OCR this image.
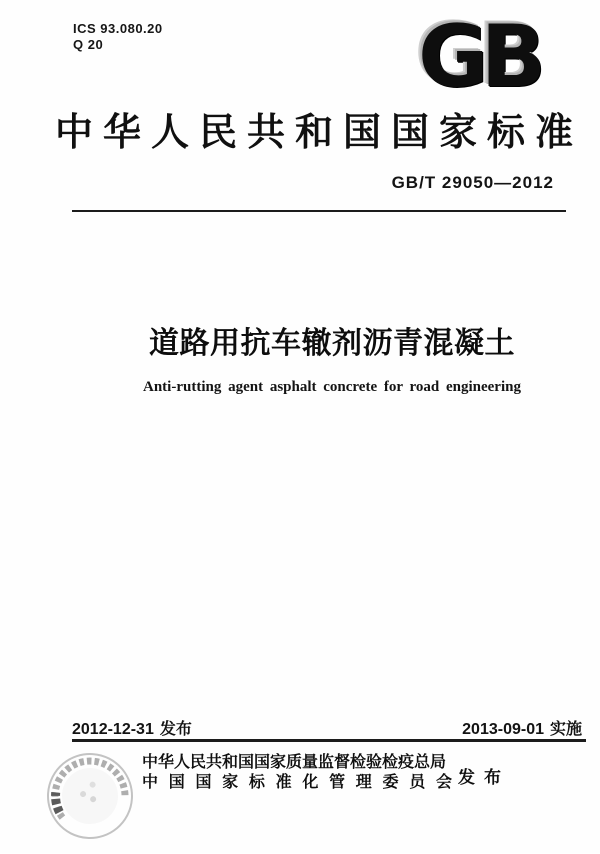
ICS 93.080.20
Q 20	GB
中华人民共和国国家标准
GB/T 29050—2012
道路用抗车辙剂沥青混凝土
Anti-rutting agent asphalt concrete for road engineering
2012-12-31 发布	2013-09-01 实施
中华人民共和国国家质量监督检验检疫总局
中国国家标准化管理委员会 发布
